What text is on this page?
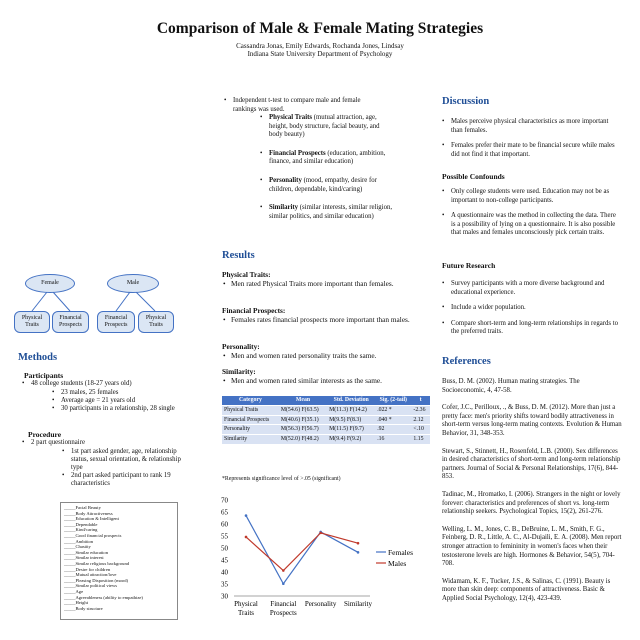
Comparison of Male & Female Mating Strategies
Cassandra Jonas, Emily Edwards, Rochanda Jones, Lindsay
Indiana State University Department of Psychology
Female	Male
Physical Traits
Financial Prospects
Financial Prospects
Physical Traits
Methods
Participants
• 48 college students (18-27 years old)
• 23 males, 25 females
• Average age = 21 years old
• 30 participants in a relationship, 28 single
Procedure
• 2 part questionnaire
• 1st part asked gender, age, relationship status, sexual orientation, & relationship type
• 2nd part asked participant to rank 19 characteristics
_____ Facial Beauty
_____ Body Attractiveness
_____ Education & Intelligent
_____ Dependable
_____ Kind/caring
_____ Good financial prospects
_____ Ambition
_____ Chastity
_____ Similar education
_____ Similar interest
_____ Similar religious background
_____ Desire for children
_____ Mutual attraction/love
_____ Pleasing Disposition (mood)
_____ Similar political views
_____ Age
_____ Agreeableness (ability to empathize)
_____ Height
_____ Body structure
• Independent t-test to compare male and female rankings was used.
• Physical Traits (mutual attraction, age, height, body structure, facial beauty, and body beauty)
• Financial Prospects (education, ambition, finance, and similar education)
• Personality (mood, empathy, desire for children, dependable, kind/caring)
• Similarity (similar interests, similar religion, similar politics, and similar education)
Results
Physical Traits:
• Men rated Physical Traits more important than females.
Financial Prospects:
• Females rates financial prospects more important than males.
Personality:
• Men and women rated personality traits the same.
Similarity:
• Men and women rated similar interests as the same.
Category	Mean	Std. Deviation	Sig. (2-tail)	t
Physical Traits	M(54.6) F(63.5)	M(11.3) F(14.2)	.022 *	-2.36
Financial Prospects	M(40.6) F(35.1)	M(9.5) F(8.3)	.040 *	2.12
Personality	M(56.3) F(56.7)	M(11.5) F(9.7)	.92	<.10
Similarity	M(52.0) F(48.2)	M(9.4) F(9.2)	.16	1.15
*Represents significance level of >.05 (significant)
30
35
40
45
50
55
60
65
70
Physical
Traits
Financial
Prospects
Personality Similarity
Females
Males
Discussion
• Males perceive physical characteristics as more important than females.
• Females prefer their mate to be financial secure while males did not find it that important.
Possible Confounds
• Only college students were used. Education may not be as important to non-college participants.
• A questionnaire was the method in collecting the data. There is a possibility of lying on a questionnaire. It is also possible that males and females unconsciously pick certain traits.
Future Research
• Survey participants with a more diverse background and educational experience.
• Include a wider population.
• Compare short-term and long-term relationships in regards to the preferred traits.
References
Buss, D. M. (2002). Human mating strategies. The Socioeconomic, 4, 47-58.
Cofer, J.C., Perilloux, ., & Buss, D. M. (2012). More than just a pretty face: men's priority shifts toward bodily attractiveness in short-term versus long-term mating contexts. Evolution & Human Behavior, 31, 348-353.
Stewart, S., Stinnett, H., Rosenfeld, L.B. (2000). Sex differences in desired characteristics of short-term and long-term relationship partners. Journal of Social & Personal Relationships, 17(6), 844-853.
Tadinac, M., Hromatko, I. (2006). Strangers in the night or lovely forever: characteristics and preferences of short vs. long-term relationship seekers. Psychological Topics, 15(2), 261-276.
Welling, L. M., Jones, C. B., DeBruine, L. M., Smith, F. G., Feinberg, D. R., Little, A. C., Al-Dujaili, E. A. (2008). Men report stronger attraction to femininity in women's faces when their testosterone levels are high. Hormones & Behavior, 54(5), 704-708.
Widamam, K. F., Tucker, J.S., & Salinas, C. (1991). Beauty is more than skin deep: components of attractiveness. Basic & Applied Social Psychology, 12(4), 423-439.
